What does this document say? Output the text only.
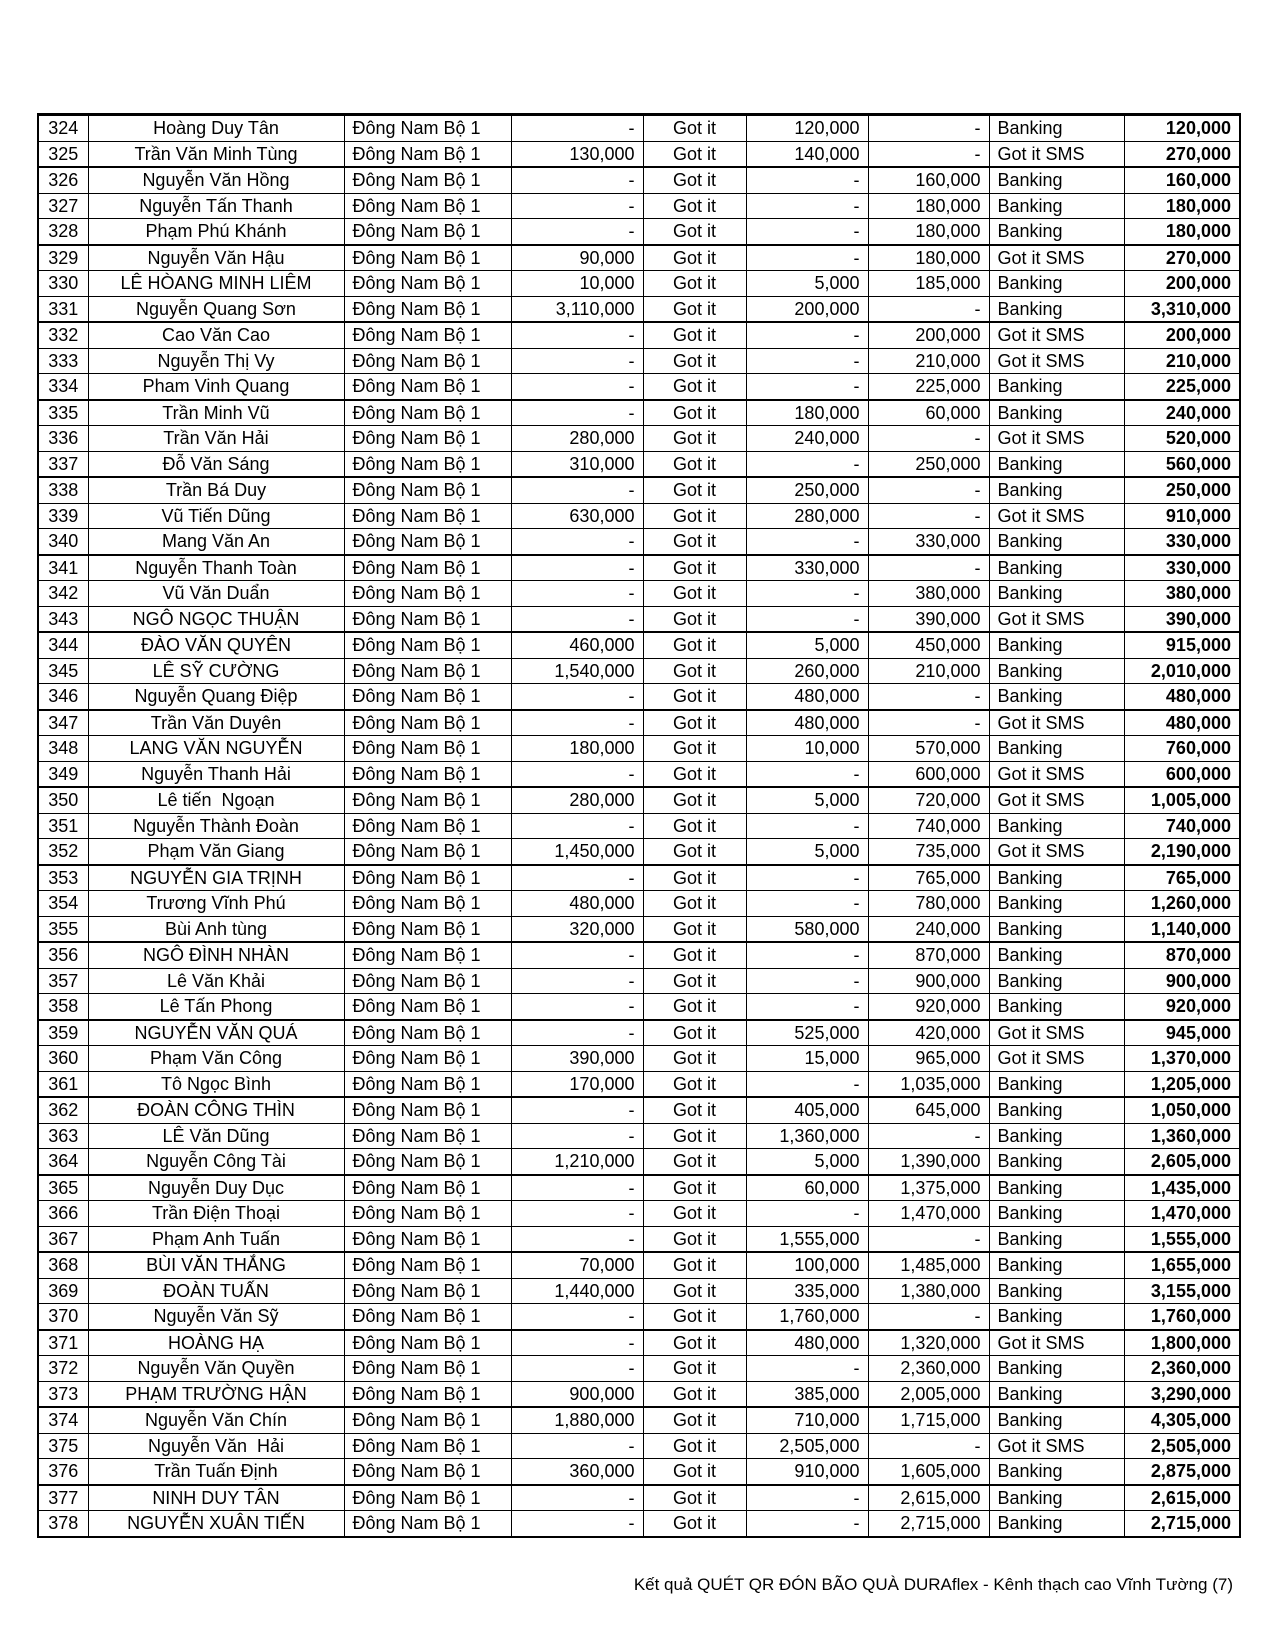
324	Hoàng Duy Tân	Đông Nam Bộ 1	-	Got it	120,000	-	Banking	120,000
325	Trần Văn Minh Tùng	Đông Nam Bộ 1	130,000	Got it	140,000	-	Got it SMS	270,000
326	Nguyễn Văn Hồng	Đông Nam Bộ 1	-	Got it	-	160,000	Banking	160,000
327	Nguyễn Tấn Thanh	Đông Nam Bộ 1	-	Got it	-	180,000	Banking	180,000
328	Phạm Phú Khánh	Đông Nam Bộ 1	-	Got it	-	180,000	Banking	180,000
329	Nguyễn Văn Hậu	Đông Nam Bộ 1	90,000	Got it	-	180,000	Got it SMS	270,000
330	LÊ HÒANG MINH LIÊM	Đông Nam Bộ 1	10,000	Got it	5,000	185,000	Banking	200,000
331	Nguyễn Quang Sơn	Đông Nam Bộ 1	3,110,000	Got it	200,000	-	Banking	3,310,000
332	Cao Văn Cao	Đông Nam Bộ 1	-	Got it	-	200,000	Got it SMS	200,000
333	Nguyễn Thị Vy	Đông Nam Bộ 1	-	Got it	-	210,000	Got it SMS	210,000
334	Pham Vinh Quang	Đông Nam Bộ 1	-	Got it	-	225,000	Banking	225,000
335	Trần Minh Vũ	Đông Nam Bộ 1	-	Got it	180,000	60,000	Banking	240,000
336	Trần Văn Hải	Đông Nam Bộ 1	280,000	Got it	240,000	-	Got it SMS	520,000
337	Đỗ Văn Sáng	Đông Nam Bộ 1	310,000	Got it	-	250,000	Banking	560,000
338	Trần Bá Duy	Đông Nam Bộ 1	-	Got it	250,000	-	Banking	250,000
339	Vũ Tiến Dũng	Đông Nam Bộ 1	630,000	Got it	280,000	-	Got it SMS	910,000
340	Mang Văn An	Đông Nam Bộ 1	-	Got it	-	330,000	Banking	330,000
341	Nguyễn Thanh Toàn	Đông Nam Bộ 1	-	Got it	330,000	-	Banking	330,000
342	Vũ Văn Duẩn	Đông Nam Bộ 1	-	Got it	-	380,000	Banking	380,000
343	NGÔ NGỌC THUẬN	Đông Nam Bộ 1	-	Got it	-	390,000	Got it SMS	390,000
344	ĐÀO VĂN QUYÊN	Đông Nam Bộ 1	460,000	Got it	5,000	450,000	Banking	915,000
345	LÊ SỸ CƯỜNG	Đông Nam Bộ 1	1,540,000	Got it	260,000	210,000	Banking	2,010,000
346	Nguyễn Quang Điệp	Đông Nam Bộ 1	-	Got it	480,000	-	Banking	480,000
347	Trần Văn Duyên	Đông Nam Bộ 1	-	Got it	480,000	-	Got it SMS	480,000
348	LANG VĂN NGUYỄN	Đông Nam Bộ 1	180,000	Got it	10,000	570,000	Banking	760,000
349	Nguyễn Thanh Hải	Đông Nam Bộ 1	-	Got it	-	600,000	Got it SMS	600,000
350	Lê tiến  Ngoạn	Đông Nam Bộ 1	280,000	Got it	5,000	720,000	Got it SMS	1,005,000
351	Nguyễn Thành Đoàn	Đông Nam Bộ 1	-	Got it	-	740,000	Banking	740,000
352	Phạm Văn Giang	Đông Nam Bộ 1	1,450,000	Got it	5,000	735,000	Got it SMS	2,190,000
353	NGUYỄN GIA TRỊNH	Đông Nam Bộ 1	-	Got it	-	765,000	Banking	765,000
354	Trương Vĩnh Phú	Đông Nam Bộ 1	480,000	Got it	-	780,000	Banking	1,260,000
355	Bùi Anh tùng	Đông Nam Bộ 1	320,000	Got it	580,000	240,000	Banking	1,140,000
356	NGÔ ĐÌNH NHÀN	Đông Nam Bộ 1	-	Got it	-	870,000	Banking	870,000
357	Lê Văn Khải	Đông Nam Bộ 1	-	Got it	-	900,000	Banking	900,000
358	Lê Tấn Phong	Đông Nam Bộ 1	-	Got it	-	920,000	Banking	920,000
359	NGUYỄN VĂN QUÁ	Đông Nam Bộ 1	-	Got it	525,000	420,000	Got it SMS	945,000
360	Phạm Văn Công	Đông Nam Bộ 1	390,000	Got it	15,000	965,000	Got it SMS	1,370,000
361	Tô Ngọc Bình	Đông Nam Bộ 1	170,000	Got it	-	1,035,000	Banking	1,205,000
362	ĐOÀN CÔNG THÌN	Đông Nam Bộ 1	-	Got it	405,000	645,000	Banking	1,050,000
363	LÊ Văn Dũng	Đông Nam Bộ 1	-	Got it	1,360,000	-	Banking	1,360,000
364	Nguyễn Công Tài	Đông Nam Bộ 1	1,210,000	Got it	5,000	1,390,000	Banking	2,605,000
365	Nguyễn Duy Dục	Đông Nam Bộ 1	-	Got it	60,000	1,375,000	Banking	1,435,000
366	Trần Điện Thoại	Đông Nam Bộ 1	-	Got it	-	1,470,000	Banking	1,470,000
367	Phạm Anh Tuấn	Đông Nam Bộ 1	-	Got it	1,555,000	-	Banking	1,555,000
368	BÙI VĂN THẮNG	Đông Nam Bộ 1	70,000	Got it	100,000	1,485,000	Banking	1,655,000
369	ĐOÀN TUẤN	Đông Nam Bộ 1	1,440,000	Got it	335,000	1,380,000	Banking	3,155,000
370	Nguyễn Văn Sỹ	Đông Nam Bộ 1	-	Got it	1,760,000	-	Banking	1,760,000
371	HOÀNG HẠ	Đông Nam Bộ 1	-	Got it	480,000	1,320,000	Got it SMS	1,800,000
372	Nguyễn Văn Quyền	Đông Nam Bộ 1	-	Got it	-	2,360,000	Banking	2,360,000
373	PHẠM TRƯỜNG HẬN	Đông Nam Bộ 1	900,000	Got it	385,000	2,005,000	Banking	3,290,000
374	Nguyễn Văn Chín	Đông Nam Bộ 1	1,880,000	Got it	710,000	1,715,000	Banking	4,305,000
375	Nguyễn Văn  Hải	Đông Nam Bộ 1	-	Got it	2,505,000	-	Got it SMS	2,505,000
376	Trần Tuấn Định	Đông Nam Bộ 1	360,000	Got it	910,000	1,605,000	Banking	2,875,000
377	NINH DUY TÂN	Đông Nam Bộ 1	-	Got it	-	2,615,000	Banking	2,615,000
378	NGUYỄN XUÂN TIẾN	Đông Nam Bộ 1	-	Got it	-	2,715,000	Banking	2,715,000
Kết quả QUÉT QR ĐÓN BÃO QUÀ DURAflex - Kênh thạch cao Vĩnh Tường (7)
